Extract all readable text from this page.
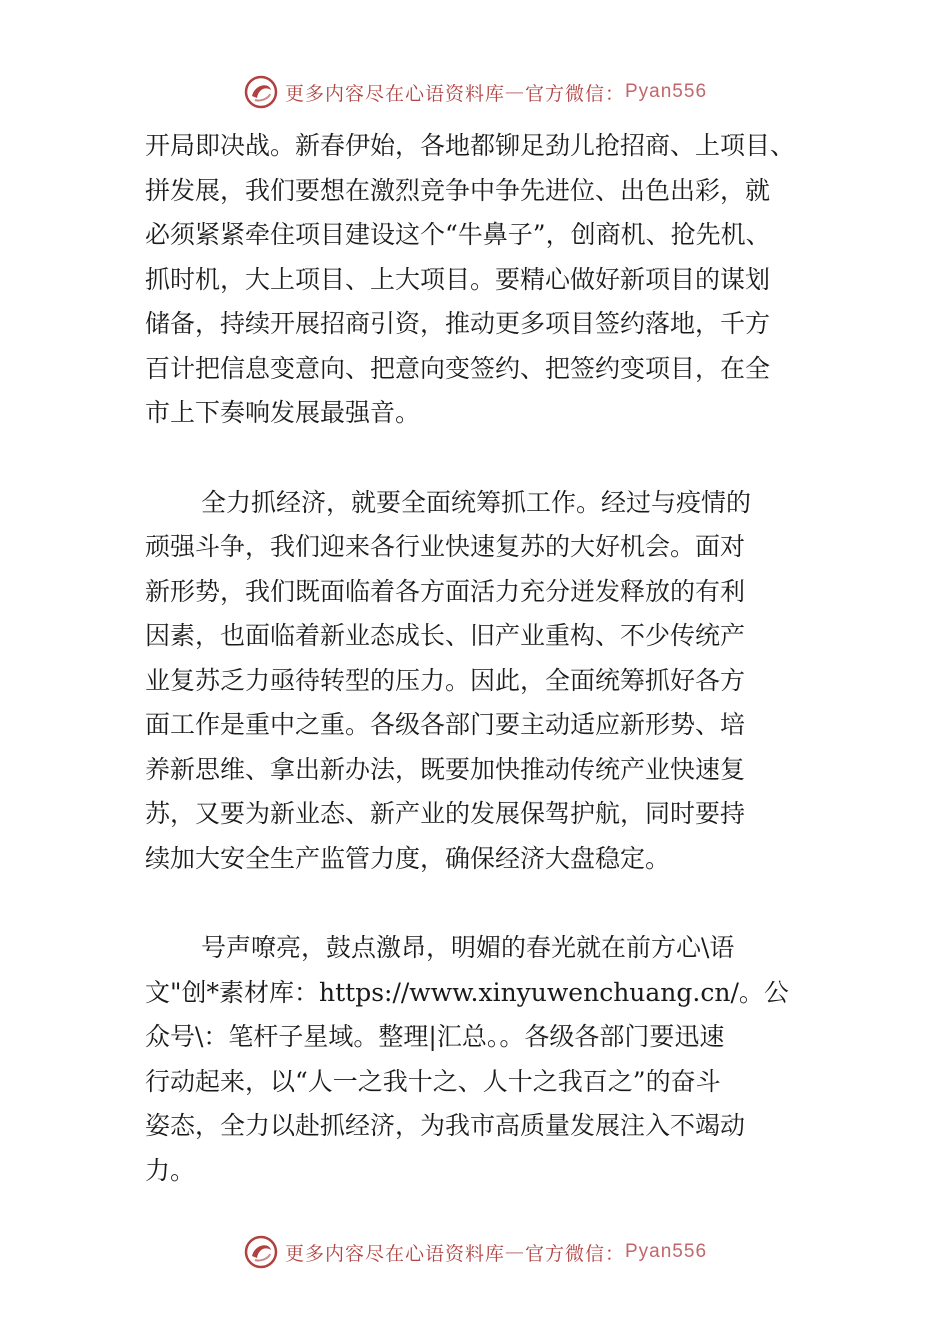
更多内容尽在心语资料库 — 官方微信： Pyan556
开局即决战。新春伊始，各地都铆足劲儿抢招商、上项目、
拼发展，我们要想在激烈竞争中争先进位、出色出彩，就
必须紧紧牵住项目建设这个“牛鼻子”，创商机、抢先机、
抓时机，大上项目、上大项目。要精心做好新项目的谋划
储备，持续开展招商引资，推动更多项目签约落地，千方
百计把信息变意向、把意向变签约、把签约变项目，在全
市上下奏响发展最强音。
全力抓经济，就要全面统筹抓工作。经过与疫情的
顽强斗争，我们迎来各行业快速复苏的大好机会。面对
新形势，我们既面临着各方面活力充分迸发释放的有利
因素，也面临着新业态成长、旧产业重构、不少传统产
业复苏乏力亟待转型的压力。因此，全面统筹抓好各方
面工作是重中之重。各级各部门要主动适应新形势、培
养新思维、拿出新办法，既要加快推动传统产业快速复
苏，又要为新业态、新产业的发展保驾护航，同时要持
续加大安全生产监管力度，确保经济大盘稳定。
号声嘹亮，鼓点激昂，明媚的春光就在前方心\语
文"创*素材库：https://www.xinyuwenchuang.cn/。公
众号\：笔杆子星域。整理|汇总。。各级各部门要迅速
行动起来，以“人一之我十之、人十之我百之”的奋斗
姿态，全力以赴抓经济，为我市高质量发展注入不竭动
力。
更多内容尽在心语资料库 — 官方微信： Pyan556
